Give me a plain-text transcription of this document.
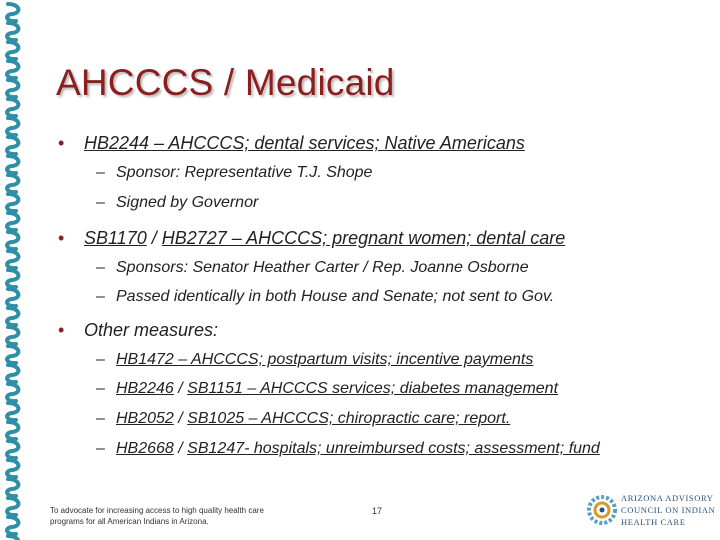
AHCCCS / Medicaid
• HB2244 – AHCCCS; dental services; Native Americans
– Sponsor: Representative T.J. Shope
– Signed by Governor
• SB1170 / HB2727 – AHCCCS; pregnant women; dental care
– Sponsors: Senator Heather Carter / Rep. Joanne Osborne
– Passed identically in both House and Senate; not sent to Gov.
• Other measures:
– HB1472 – AHCCCS; postpartum visits; incentive payments
– HB2246 / SB1151 – AHCCCS services; diabetes management
– HB2052 / SB1025 – AHCCCS; chiropractic care; report.
– HB2668 / SB1247- hospitals; unreimbursed costs; assessment; fund
To advocate for increasing access to high quality health care programs for all American Indians in Arizona.
17
ARIZONA ADVISORY
COUNCIL ON INDIAN
HEALTH CARE
